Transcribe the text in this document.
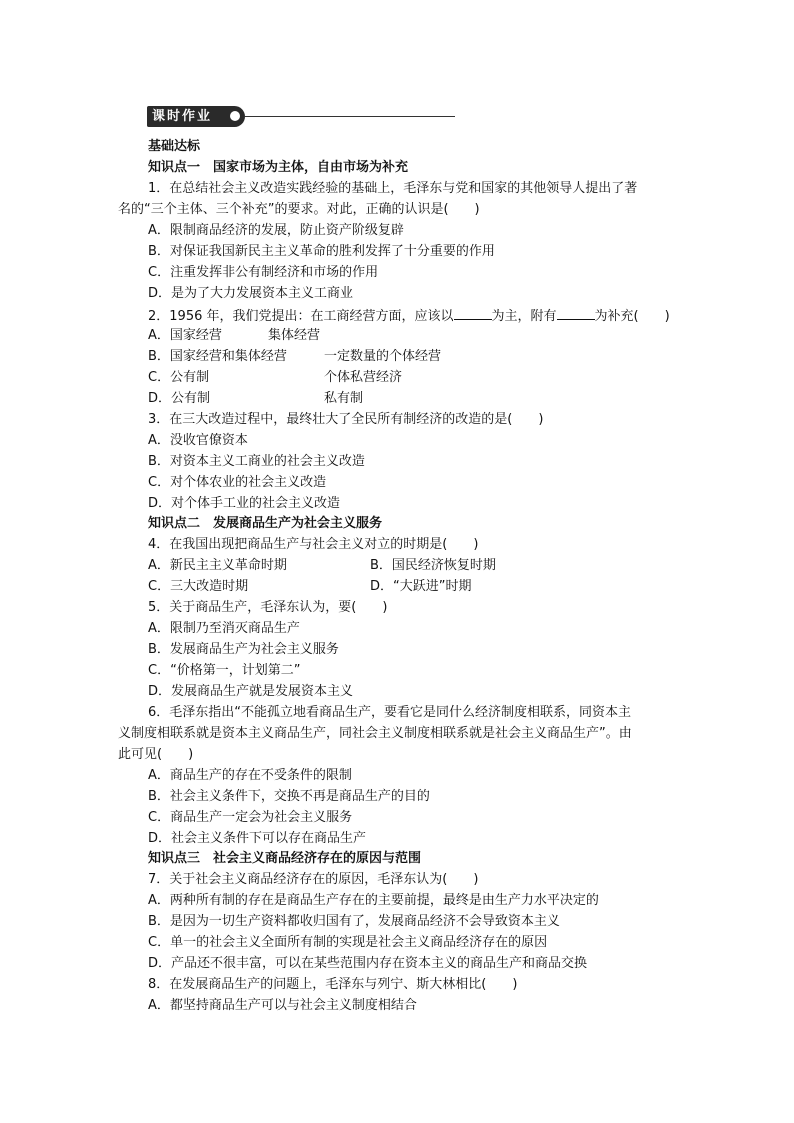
课时作业
基础达标
知识点一　国家市场为主体，自由市场为补充
1．在总结社会主义改造实践经验的基础上，毛泽东与党和国家的其他领导人提出了著
名的“三个主体、三个补充”的要求。对此，正确的认识是(　　)
A．限制商品经济的发展，防止资产阶级复辟
B．对保证我国新民主主义革命的胜利发挥了十分重要的作用
C．注重发挥非公有制经济和市场的作用
D．是为了大力发展资本主义工商业
2．1956 年，我们党提出：在工商经营方面，应该以	为主，附有	为补充(　　)
A．国家经营	集体经营
B．国家经营和集体经营	一定数量的个体经营
C．公有制	个体私营经济
D．公有制	私有制
3．在三大改造过程中，最终壮大了全民所有制经济的改造的是(　　)
A．没收官僚资本
B．对资本主义工商业的社会主义改造
C．对个体农业的社会主义改造
D．对个体手工业的社会主义改造
知识点二　发展商品生产为社会主义服务
4．在我国出现把商品生产与社会主义对立的时期是(　　)
A．新民主主义革命时期	B．国民经济恢复时期
C．三大改造时期	D．“大跃进”时期
5．关于商品生产，毛泽东认为，要(　　)
A．限制乃至消灭商品生产
B．发展商品生产为社会主义服务
C．“价格第一，计划第二”
D．发展商品生产就是发展资本主义
6．毛泽东指出“不能孤立地看商品生产，要看它是同什么经济制度相联系，同资本主
义制度相联系就是资本主义商品生产，同社会主义制度相联系就是社会主义商品生产”。由
此可见(　　)
A．商品生产的存在不受条件的限制
B．社会主义条件下，交换不再是商品生产的目的
C．商品生产一定会为社会主义服务
D．社会主义条件下可以存在商品生产
知识点三　社会主义商品经济存在的原因与范围
7．关于社会主义商品经济存在的原因，毛泽东认为(　　)
A．两种所有制的存在是商品生产存在的主要前提，最终是由生产力水平决定的
B．是因为一切生产资料都收归国有了，发展商品经济不会导致资本主义
C．单一的社会主义全面所有制的实现是社会主义商品经济存在的原因
D．产品还不很丰富，可以在某些范围内存在资本主义的商品生产和商品交换
8．在发展商品生产的问题上，毛泽东与列宁、斯大林相比(　　)
A．都坚持商品生产可以与社会主义制度相结合
